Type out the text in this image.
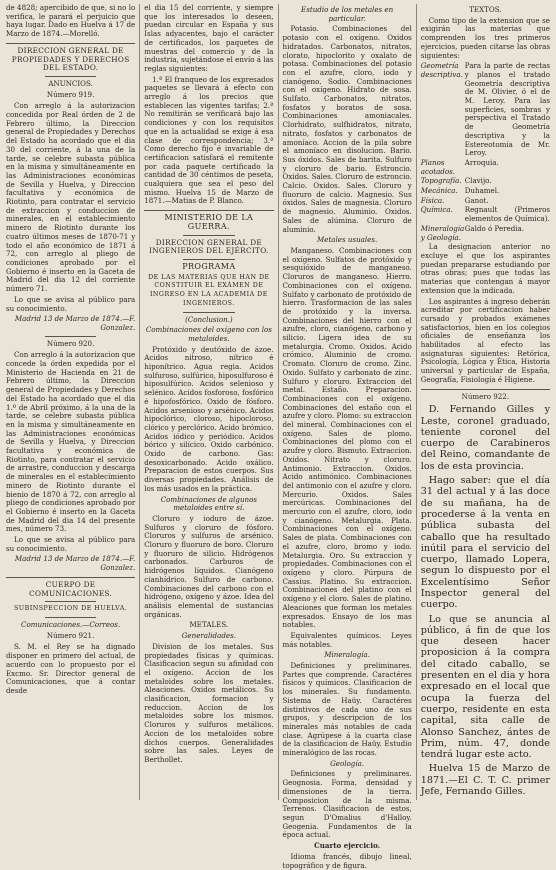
de 4828; apercibido de que, si no lo verifica, le parará el perjuicio que haya lugar. Dado en Huelva á 17 de Marzo de 1874.—Morelló.

DIRECCION GENERAL DE PROPIEDADES Y DERECHOS DEL ESTADO.
ANUNCIOS.
Número 919.

Con arreglo á la autorizacion concedida por Real órden de 2 de Febrero último, la Direccion general de Propiedades y Derechos del Estado ha acordado que el dia 30 del corriente, á la una de la tarde, se celebre subasta pública en la misma y simultáneamente en las Administraciones económicas de Sevilla y Huelva, y Direccion facultativa y económica de Riotinto, para contratar el servicio de extraccion y conduccion de minerales, en el establecimiento minero de Riotinto durante los cuatro últimos meses de 1870-71 y todo el año económico de 1871 á 72, con arreglo al pliego de condiciones aprobado por el Gobierno é inserto en la Gaceta de Madrid del dia 12 del corriente número 71.

Lo que se avisa al público para su conocimiento.

Madrid 13 de Marzo de 1874.—F. Gonzalez.
Número 920.

Con arreglo á la autorizacion que concede la órden expedida por el Ministerio de Hacienda en 21 de Febrero último, la Direccion general de Propiedades y Derechos del Estado ha acordado que el dia 1.º de Abril próximo, á la una de la tarde, se celebre subasta pública en la misma y simultáneamente en las Administraciones económicas de Sevilla y Huelva, y Direccion facultativa y económica de Riotinto, para contratar el servicio de arrastre, conduccion y descarga de minerales en el establecimiento minero de Riotinto durante el bienio de 1870 á 72, con arreglo al pliego de condiciones aprobado por el Gobierno é inserto en la Gaceta de Madrid del dia 14 del presente mes, número 73.

Lo que se avisa al público para su conocimiento.

Madrid 13 de Marzo de 1874.—F. Gonzalez.
CUERPO DE COMUNICACIONES.
SUBINSPECCION DE HUELVA.
Comunicaciones.—Correos.
Número 921.

S. M. el Rey se ha dignado disponer en primero del actual, de acuerdo con lo propuesto por el Excmo. Sr. Director general de Comunicaciones, que á contar desde

el dia 15 del corriente, y siempre que los interesados lo deseen, puedan circular en España y sus Islas adyacentes, bajo el carácter de certificados, los paquetes de muestras del comercio y de la industria, sujetándose el envío á las reglas siguientes:

1.ª El franqueo de los expresados paquetes se llevará á efecto con arreglo á los precios que establecen las vigentes tarifas; 2.ª No remitirán se verificará bajo las condiciones y con los requisitos que en la actualidad se exige á esa clase de correspondencia; 3.ª Como derecho fijo é invariable de certificacion satisfará el remitente por cada paquete certificado la cantidad de 30 céntimos de peseta, cualquiera que sea el peso del mismo. Huelva 15 de Marzo de 1871.—Matias de P. Blanco.

MINISTERIO DE LA GUERRA.
DIRECCION GENERAL DE INGENIEROS DEL EJÉRCITO.
PROGRAMA
DE LAS MATERIAS QUE HAN DE CONSTITUIR EL EXÁMEN DE INGRESO EN LA ACADEMIA DE INGENIEROS.
(Conclusion.)
Combinaciones del oxígeno con los metaloides.

Protóxido y deutóxido de ázoe. Acidos nitroso, nítrico é hiponítrico. Agua regia. Acidos sulfuroso, sulfúrico, hiposulfuroso é hiposulfúrico. Acidos selenioso y selénico. Acidos fosforoso, fosfórico é hipofosfórico. Oxido de fósforo. Acidos arsenioso y arsénico. Acidos hipoclórico, cloroso, hipocloroso, clórico y perclórico. Acido brómico. Acidos iódico y periódico. Acidos bórico y silícico. Oxido carbónico. Oxido de carbono. Gas: desoxicarbonado. Acido oxálico. Preparacion de estos cuerpos. Sus diversas propiedades. Análisis de los más usados en la práctica.

Combinaciones de algunos metaloides entre sí.

Cloruro y ioduro de ázoe. Sulfuros y cloruro de fósforo. Cloruros y sulfuros de arsénico. Cloruro y fluoruro de boro. Cloruro y fluoruro de silicio. Hidrógenos carbonados. Carburos de hidrógenos líquidos. Cianógeno cianhídrico. Sulfuro de carbono. Combinaciones del carbono con el hidrógeno, oxígeno y ázoe. Idea del análisis elemental de sustancias orgánicas.

METALES.
Generalidades.

Division de los metales. Sus propiedades físicas y químicas. Clasificacion segun su afinidad con el oxígeno. Accion de los metaloides sobre los metales. Aleaciones. Oxidos metálicos. Su clasificacion, formacion y reduccion. Accion de los metaloides sobre los mismos. Cloruros y sulfuros metálicos. Accion de los metaloides sobre dichos cuerpos. Generalidades sobre las sales. Leyes de Berthollet.

Estudio de los metales en particular.

Potasio. Combinaciones del potasio con el oxígeno. Oxidos hidratados. Carbonatos, nitratos, clorato, hipoclorito y oxalato de potasa. Combinaciones del potasio con el azufre, cloro, iodo y cianógeno. Sodio. Combinaciones con el oxígeno. Hidrato de sosa. Sulfato. Carbonatos, nitratos, fosfatos y boratos de sosa. Combinaciones amoniacales. Clorhidrato, sulfhidratos, nitrato, nitrato, fosfatos y carbonatos de amoníaco. Accion de la pila sobre el amoníaco en disolucion. Bario. Sus óxidos. Sales de barita. Sulfuro y cloruro de bario. Estroncio. Oxidos. Sales. Cloruro de estroncio. Calcio. Oxidos. Sales. Cloruro y fluoruro de calcio. Magnesio. Sus óxidos. Sales de magnesia. Cloruro de magnesio. Aluminio. Oxidos. Sales de alúmina. Cloruro de aluminio.

Metales usuales.

Manganeso. Combinaciones con el oxígeno. Sulfatos de protóxido y sesquióxido de manganeso. Cloruros de manganeso. Hierro. Combinaciones con el oxígeno. Sulfato y carbonato de protóxido de hierro. Trasformacion de las sales de protóxido y la inversa. Combinaciones del hierro con el azufre, cloro, cianógeno, carbono y silicio. Ligera idea de su metalurgia. Cromo. Oxidos. Acido crómico. Aluminio de cromo. Cromato. Cloruro de cromo. Zinc. Oxido. Sulfato y carbonato de zinc. Sulfuro y cloruro. Extraccion del metal. Estaño. Preparacion. Combinaciones con el oxígeno. Combinaciones del estaño con el azufre y cloro. Plomo: su extraccion del mineral. Combinaciones con el oxígeno. Sales de plomo. Combinaciones del plomo con el azufre y cloro. Bismuto. Extraccion. Oxidos. Nitrato y cloruro. Antimonio. Extraccion. Oxidos. Acido antimónico. Combinaciones del antimonio con el azufre y cloro. Mercurio. Oxidos. Sales mercúricas. Combinaciones del mercurio con el azufre, cloro, iodo y cianógeno. Metalurgia. Plata. Combinaciones con el oxígeno. Sales de plata. Combinaciones con el azufre, cloro, bromo y iodo. Metalurgia. Oro. Su extraccion y propiedades. Combinaciones con el oxígeno y cloro. Púrpura de Cassius. Platino. Su extraccion. Combinaciones del platino con el oxígeno y el cloro. Sales de platino. Aleaciones que forman los metales expresados. Ensayo de los mas notables.

Equivalentes químicos. Leyes más notables.

Mineralogía.

Definiciones y preliminares. Partes que comprende. Caractéres físicos y químicos. Clasificacion de los minerales. Su fundamento. Sistema de Haüy. Caractéres distintivos de cada uno de sus grupos, y descripcion de los minerales más notables de cada clase. Agrúpese á la cuarta clase de la clasificacion de Haüy. Estudio mineralógico de las rocas.

Geología.

Definiciones y preliminares. Geognosia. Forma, densidad y dimensiones de la tierra. Composicion de la misma. Terrenos. Clasificacion de estos, segun D'Omalius d'Halloy. Geogenia. Fundamentos de la época actual.

Cuarto ejercicio.

Idioma francés, dibujo lineal, topográfico y de figura.

TEXTOS.

Como tipo de la extension que se exigirán las materias que comprenden los tres primeros ejercicios, pueden citarse las obras siguientes:

Geometría descriptiva.
Para la parte de rectas y planos el tratado Geometría descriptiva de M. Olivier, ó el de M. Leroy. Para las superficies, sombras y perspectiva el Tratado de Geometría descriptiva y la Estereotomía de Mr. Leroy.
Planos acotados.
Arroquia.
Topografía. Clavijo.
Mecánica. Duhamel.
Física.	Ganot.
Química.	Regnault (Primeros elementos de Química).
Mineralogía y Geología.
Galdo ó Peredia.

La designacion anterior no excluye el que los aspirantes puedan prepararse estudiando por otras obras; pues que todas las materias que contengan á mayor extension que la indicada.

Los aspirantes á ingreso deberán acreditar por certificacion haber cursado y probados exámenes satisfactorios, bien en los colegios oficiales de enseñanza los habilitados al efecto las asignaturas siguientes: Retórica, Psicología, Lógica y Ética, Historia universal y particular de España, Geografía, Fisiología é Higiene.

Número 922.

D. Fernando Gilles y Leste, coronel graduado, teniente coronel del cuerpo de Carabineros del Reino, comandante de los de esta provincia.

Hago saber: que el día 31 del actual y á las doce de su mañana, ha de procederse á la venta en pública subasta del caballo que ha resultado inútil para el servicio del cuerpo, llamado Lopera, segun lo dispuesto por el Excelentísimo Señor Inspector general del cuerpo.

Lo que se anuncia al público, á fin de que los que deseen hacer proposicion á la compra del citado caballo, se presenten en el dia y hora expresado en el local que ocupa la fuerza del cuerpo, residente en esta capital, sita calle de Alonso Sanchez, ántes de Prim, núm. 47, donde tendrá lugar este acto.

Huelva 15 de Marzo de 1871.—El C. T. C. primer Jefe, Fernando Gilles.
